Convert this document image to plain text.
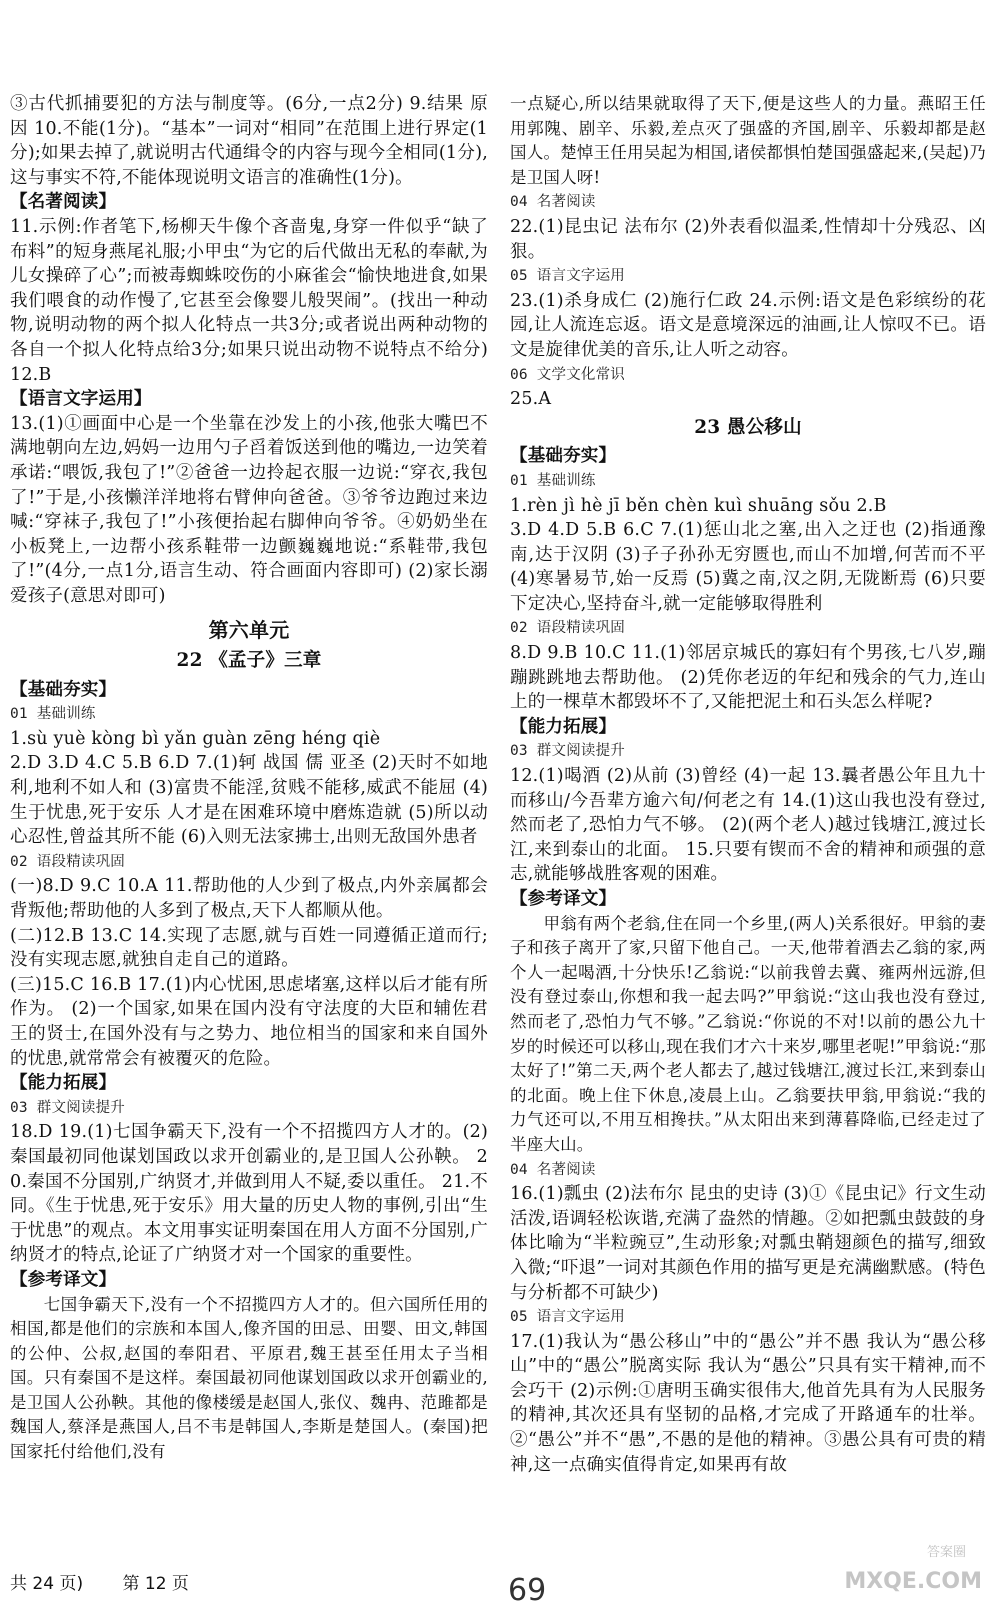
③古代抓捕要犯的方法与制度等。(6分,一点2分) 9.结果 原因 10.不能(1分)。“基本”一词对“相同”在范围上进行界定(1分);如果去掉了,就说明古代通缉令的内容与现今全相同(1分),这与事实不符,不能体现说明文语言的准确性(1分)。
【名著阅读】
11.示例:作者笔下,杨柳天牛像个吝啬鬼,身穿一件似乎“缺了布料”的短身燕尾礼服;小甲虫“为它的后代做出无私的奉献,为儿女操碎了心”;而被毒蜘蛛咬伤的小麻雀会“愉快地进食,如果我们喂食的动作慢了,它甚至会像婴儿般哭闹”。(找出一种动物,说明动物的两个拟人化特点一共3分;或者说出两种动物的各自一个拟人化特点给3分;如果只说出动物不说特点不给分) 12.B
【语言文字运用】
13.(1)①画面中心是一个坐靠在沙发上的小孩,他张大嘴巴不满地朝向左边,妈妈一边用勺子舀着饭送到他的嘴边,一边笑着承诺:“喂饭,我包了!”②爸爸一边拎起衣服一边说:“穿衣,我包了!”于是,小孩懒洋洋地将右臂伸向爸爸。③爷爷边跑过来边喊:“穿袜子,我包了!”小孩便抬起右脚伸向爷爷。④奶奶坐在小板凳上,一边帮小孩系鞋带一边颤巍巍地说:“系鞋带,我包了!”(4分,一点1分,语言生动、符合画面内容即可) (2)家长溺爱孩子(意思对即可)
第六单元
22 《孟子》三章
【基础夯实】
01 基础训练
1.sù yuè kòng bì yǎn guàn zēng héng qiè
2.D 3.D 4.C 5.B 6.D 7.(1)轲 战国 儒 亚圣 (2)天时不如地利,地利不如人和 (3)富贵不能淫,贫贱不能移,威武不能屈 (4)生于忧患,死于安乐 人才是在困难环境中磨炼造就 (5)所以动心忍性,曾益其所不能 (6)入则无法家拂士,出则无敌国外患者
02 语段精读巩固
(一)8.D 9.C 10.A 11.帮助他的人少到了极点,内外亲属都会背叛他;帮助他的人多到了极点,天下人都顺从他。
(二)12.B 13.C 14.实现了志愿,就与百姓一同遵循正道而行;没有实现志愿,就独自走自己的道路。
(三)15.C 16.B 17.(1)内心忧困,思虑堵塞,这样以后才能有所作为。 (2)一个国家,如果在国内没有守法度的大臣和辅佐君王的贤士,在国外没有与之势力、地位相当的国家和来自国外的忧患,就常常会有被覆灭的危险。
【能力拓展】
03 群文阅读提升
18.D 19.(1)七国争霸天下,没有一个不招揽四方人才的。(2)秦国最初同他谋划国政以求开创霸业的,是卫国人公孙鞅。 20.秦国不分国别,广纳贤才,并做到用人不疑,委以重任。 21.不同。《生于忧患,死于安乐》用大量的历史人物的事例,引出“生于忧患”的观点。本文用事实证明秦国在用人方面不分国别,广纳贤才的特点,论证了广纳贤才对一个国家的重要性。
【参考译文】
　　七国争霸天下,没有一个不招揽四方人才的。但六国所任用的相国,都是他们的宗族和本国人,像齐国的田忌、田婴、田文,韩国的公仲、公叔,赵国的奉阳君、平原君,魏王甚至任用太子当相国。只有秦国不是这样。秦国最初同他谋划国政以求开创霸业的,是卫国人公孙鞅。其他的像楼缓是赵国人,张仪、魏冉、范雎都是魏国人,蔡泽是燕国人,吕不韦是韩国人,李斯是楚国人。(秦国)把国家托付给他们,没有
一点疑心,所以结果就取得了天下,便是这些人的力量。燕昭王任用郭隗、剧辛、乐毅,差点灭了强盛的齐国,剧辛、乐毅却都是赵国人。楚悼王任用吴起为相国,诸侯都惧怕楚国强盛起来,(吴起)乃是卫国人呀!
04 名著阅读
22.(1)昆虫记 法布尔 (2)外表看似温柔,性情却十分残忍、凶狠。
05 语言文字运用
23.(1)杀身成仁 (2)施行仁政 24.示例:语文是色彩缤纷的花园,让人流连忘返。语文是意境深远的油画,让人惊叹不已。语文是旋律优美的音乐,让人听之动容。
06 文学文化常识
25.A
23 愚公移山
【基础夯实】
01 基础训练
1.rèn jì hè jī běn chèn kuì shuāng sǒu 2.B
3.D 4.D 5.B 6.C 7.(1)惩山北之塞,出入之迂也 (2)指通豫南,达于汉阴 (3)子子孙孙无穷匮也,而山不加增,何苦而不平 (4)寒暑易节,始一反焉 (5)冀之南,汉之阴,无陇断焉 (6)只要下定决心,坚持奋斗,就一定能够取得胜利
02 语段精读巩固
8.D 9.B 10.C 11.(1)邻居京城氏的寡妇有个男孩,七八岁,蹦蹦跳跳地去帮助他。 (2)凭你老迈的年纪和残余的气力,连山上的一棵草木都毁坏不了,又能把泥土和石头怎么样呢?
【能力拓展】
03 群文阅读提升
12.(1)喝酒 (2)从前 (3)曾经 (4)一起 13.曩者愚公年且九十而移山/今吾辈方逾六旬/何老之有 14.(1)这山我也没有登过,然而老了,恐怕力气不够。 (2)(两个老人)越过钱塘江,渡过长江,来到泰山的北面。 15.只要有锲而不舍的精神和顽强的意志,就能够战胜客观的困难。
【参考译文】
　　甲翁有两个老翁,住在同一个乡里,(两人)关系很好。甲翁的妻子和孩子离开了家,只留下他自己。一天,他带着酒去乙翁的家,两个人一起喝酒,十分快乐!乙翁说:“以前我曾去冀、雍两州远游,但没有登过泰山,你想和我一起去吗?”甲翁说:“这山我也没有登过,然而老了,恐怕力气不够。”乙翁说:“你说的不对!以前的愚公九十岁的时候还可以移山,现在我们才六十来岁,哪里老呢!”甲翁说:“那太好了!”第二天,两个老人都去了,越过钱塘江,渡过长江,来到泰山的北面。晚上住下休息,凌晨上山。乙翁要扶甲翁,甲翁说:“我的力气还可以,不用互相搀扶。”从太阳出来到薄暮降临,已经走过了半座大山。
04 名著阅读
16.(1)瓢虫 (2)法布尔 昆虫的史诗 (3)①《昆虫记》行文生动活泼,语调轻松诙谐,充满了盎然的情趣。②如把瓢虫鼓鼓的身体比喻为“半粒豌豆”,生动形象;对瓢虫鞘翅颜色的描写,细致入微;“吓退”一词对其颜色作用的描写更是充满幽默感。(特色与分析都不可缺少)
05 语言文字运用
17.(1)我认为“愚公移山”中的“愚公”并不愚 我认为“愚公移山”中的“愚公”脱离实际 我认为“愚公”只具有实干精神,而不会巧干 (2)示例:①唐明玉确实很伟大,他首先具有为人民服务的精神,其次还具有坚韧的品格,才完成了开路通车的壮举。②“愚公”并不“愚”,不愚的是他的精神。③愚公具有可贵的精神,这一点确实值得肯定,如果再有故
共 24 页) 第 12 页	69
答案圈
MXQE.COM
